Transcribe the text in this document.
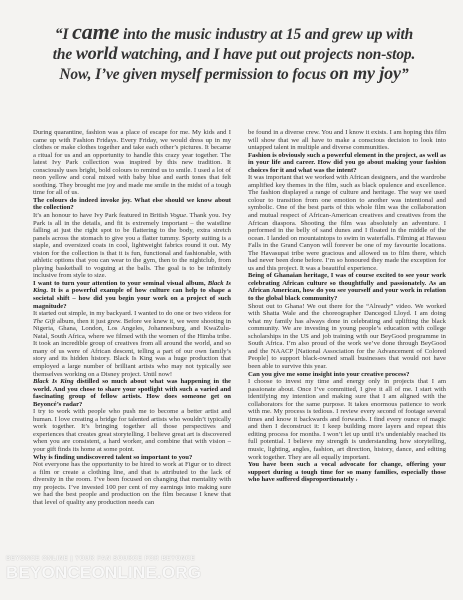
“I came into the music industry at 15 and grew up with the world watching, and I have put out projects non-stop. Now, I’ve given myself permission to focus on my joy”

During quarantine, fashion was a place of escape for me. My kids and I came up with Fashion Fridays. Every Friday, we would dress up in my clothes or make clothes together and take each other’s pictures. It became a ritual for us and an opportunity to handle this crazy year together. The latest Ivy Park collection was inspired by this new tradition. It consciously uses bright, bold colours to remind us to smile. I used a lot of neon yellow and coral mixed with baby blue and earth tones that felt soothing. They brought me joy and made me smile in the midst of a tough time for all of us.

The colours do indeed invoke joy. What else should we know about the collection?

It’s an honour to have Ivy Park featured in British Vogue. Thank you. Ivy Park is all in the details, and fit is extremely important – the waistline falling at just the right spot to be flattering to the body, extra stretch panels across the stomach to give you a flatter tummy. Sporty suiting is a staple, and oversized coats in cool, lightweight fabrics round it out. My vision for the collection is that it is fun, functional and fashionable, with athletic options that you can wear to the gym, then to the nightclub, from playing basketball to voguing at the balls. The goal is to be infinitely inclusive from style to size.

I want to turn your attention to your seminal visual album, Black Is King. It is a powerful example of how culture can help to shape a societal shift – how did you begin your work on a project of such magnitude?

It started out simple, in my backyard. I wanted to do one or two videos for The Gift album, then it just grew. Before we knew it, we were shooting in Nigeria, Ghana, London, Los Angeles, Johannesburg, and KwaZulu-Natal, South Africa, where we filmed with the women of the Himba tribe. It took an incredible group of creatives from all around the world, and so many of us were of African descent, telling a part of our own family’s story and its hidden history. Black Is King was a huge production that employed a large number of brilliant artists who may not typically see themselves working on a Disney project. Until now!

Black Is King distilled so much about what was happening in the world. And you chose to share your spotlight with such a varied and fascinating group of fellow artists. How does someone get on Beyoncé’s radar?

I try to work with people who push me to become a better artist and human. I love creating a bridge for talented artists who wouldn’t typically work together. It’s bringing together all those perspectives and experiences that creates great storytelling. I believe great art is discovered when you are consistent, a hard worker, and combine that with vision – your gift finds its home at some point.

Why is finding undiscovered talent so important to you?

Not everyone has the opportunity to be hired to work at Figur or to direct a film or create a clothing line, and that is attributed to the lack of diversity in the room. I’ve been focused on changing that mentality with my projects. I’ve invested 100 per cent of my earnings into making sure we had the best people and production on the film because I knew that that level of quality any production needs can

be found in a diverse crew. You and I know it exists. I am hoping this film will show that we all have to make a conscious decision to look into untapped talent in multiple and diverse communities.

Fashion is obviously such a powerful element in the project, as well as in your life and career. How did you go about making your fashion choices for it and what was the intent?

It was important that we worked with African designers, and the wardrobe amplified key themes in the film, such as black opulence and excellence. The fashion displayed a range of culture and heritage. The way we used colour to transition from one emotion to another was intentional and symbolic. One of the best parts of this whole film was the collaboration and mutual respect of African-American creatives and creatives from the African diaspora. Shooting the film was absolutely an adventure. I performed in the belly of sand dunes and I floated in the middle of the ocean. I landed on mountaintops to swim in waterfalls. Filming at Havasu Falls in the Grand Canyon will forever be one of my favourite locations. The Havasupai tribe were gracious and allowed us to film there, which had never been done before. I’m so honoured they made the exception for us and this project. It was a beautiful experience.

Being of Ghanaian heritage, I was of course excited to see your work celebrating African culture so thoughtfully and passionately. As an African American, how do you see yourself and your work in relation to the global black community?

Shout out to Ghana! We out there for the “Already” video. We worked with Shatta Wale and the choreographer Dancegod Lloyd. I am doing what my family has always done in celebrating and uplifting the black community. We are investing in young people’s education with college scholarships in the US and job training with our BeyGood programme in South Africa. I’m also proud of the work we’ve done through BeyGood and the NAACP [National Association for the Advancement of Colored People] to support black-owned small businesses that would not have been able to survive this year.

Can you give me some insight into your creative process?

I choose to invest my time and energy only in projects that I am passionate about. Once I’ve committed, I give it all of me. I start with identifying my intention and making sure that I am aligned with the collaborators for the same purpose. It takes enormous patience to work with me. My process is tedious. I review every second of footage several times and know it backwards and forwards. I find every ounce of magic and then I deconstruct it: I keep building more layers and repeat this editing process for months. I won’t let up until it’s undeniably reached its full potential. I believe my strength is understanding how storytelling, music, lighting, angles, fashion, art direction, history, dance, and editing work together. They are all equally important.

You have been such a vocal advocate for change, offering your support during a tough time for so many families, especially those who have suffered disproportionately ›

BEYONCE ONLINE | YOUR FAN SOURCE FOR BEYONCE
BEYONCEONLINE.ORG
